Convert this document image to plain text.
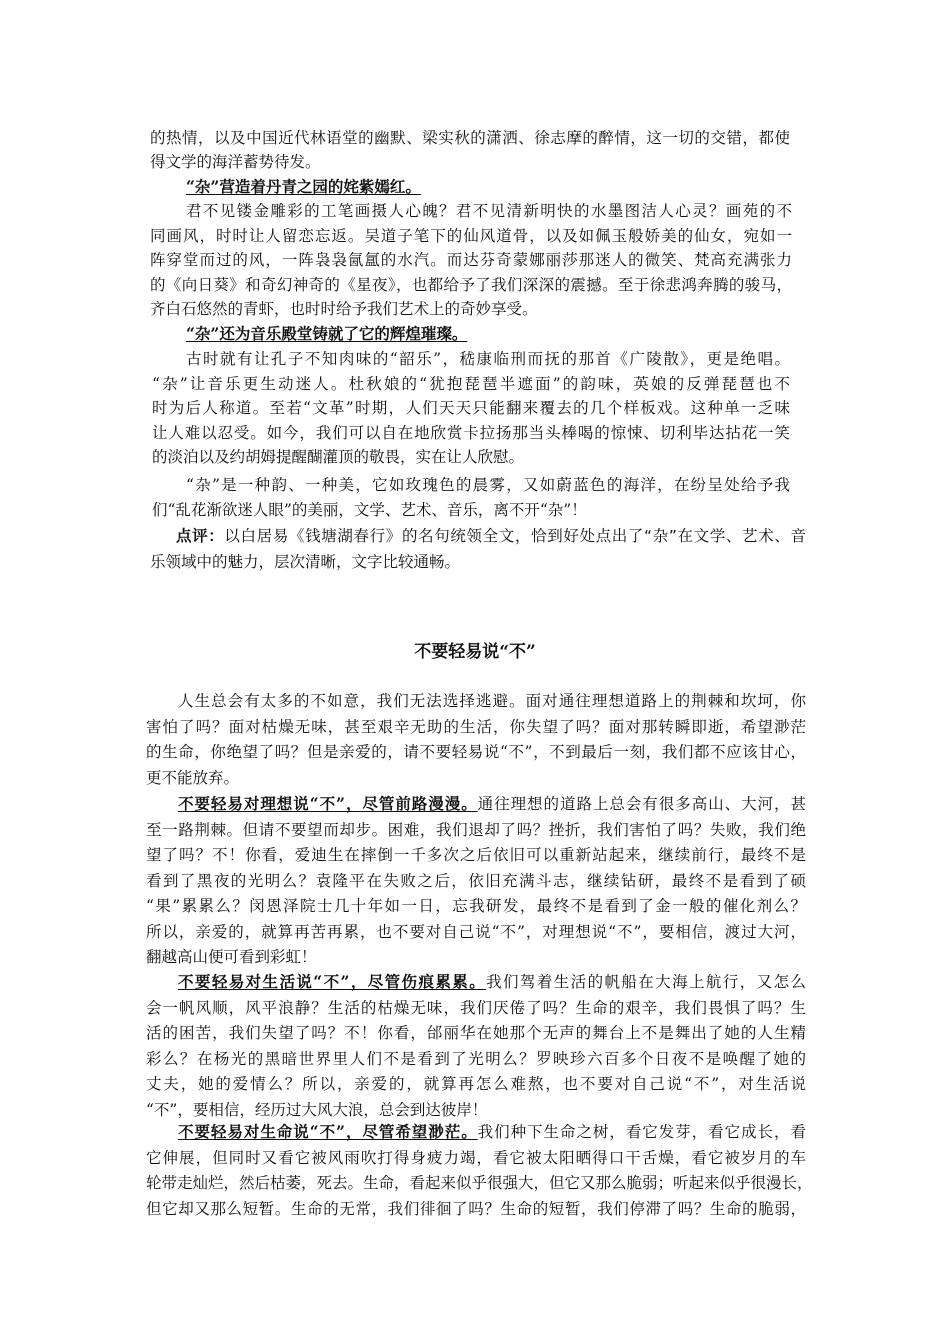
的热情，以及中国近代林语堂的幽默、梁实秋的潇洒、徐志摩的醉情，这一切的交错，都使
得文学的海洋蓄势待发。

“杂”营造着丹青之园的姹紫嫣红。

君不见镂金雕彩的工笔画摄人心魄？君不见清新明快的水墨图洁人心灵？画苑的不
同画风，时时让人留恋忘返。吴道子笔下的仙风道骨，以及如佩玉般娇美的仙女，宛如一
阵穿堂而过的风，一阵袅袅氤氲的水汽。而达芬奇蒙娜丽莎那迷人的微笑、梵高充满张力
的《向日葵》和奇幻神奇的《星夜》，也都给予了我们深深的震撼。至于徐悲鸿奔腾的骏马，
齐白石悠然的青虾，也时时给予我们艺术上的奇妙享受。

“杂”还为音乐殿堂铸就了它的辉煌璀璨。

古时就有让孔子不知肉味的“韶乐”，嵇康临刑而抚的那首《广陵散》，更是绝唱。
“杂”让音乐更生动迷人。杜秋娘的“犹抱琵琶半遮面”的韵味，英娘的反弹琵琶也不
时为后人称道。至若“文革”时期，人们天天只能翻来覆去的几个样板戏。这种单一乏味
让人难以忍受。如今，我们可以自在地欣赏卡拉扬那当头棒喝的惊悚、切利毕达拈花一笑
的淡泊以及约胡姆提醒醐灌顶的敬畏，实在让人欣慰。
“杂”是一种韵、一种美，它如玫瑰色的晨雾，又如蔚蓝色的海洋，在纷呈处给予我
们“乱花渐欲迷人眼”的美丽，文学、艺术、音乐，离不开“杂”！
点评：以白居易《钱塘湖春行》的名句统领全文，恰到好处点出了“杂”在文学、艺术、音
乐领域中的魅力，层次清晰，文字比较通畅。

不要轻易说“不”

人生总会有太多的不如意，我们无法选择逃避。面对通往理想道路上的荆棘和坎坷，你
害怕了吗？面对枯燥无味，甚至艰辛无助的生活，你失望了吗？面对那转瞬即逝，希望渺茫
的生命，你绝望了吗？但是亲爱的，请不要轻易说“不”，不到最后一刻，我们都不应该甘心，
更不能放弃。
不要轻易对理想说“不”，尽管前路漫漫。通往理想的道路上总会有很多高山、大河，甚
至一路荆棘。但请不要望而却步。困难，我们退却了吗？挫折，我们害怕了吗？失败，我们绝
望了吗？不！你看，爱迪生在摔倒一千多次之后依旧可以重新站起来，继续前行，最终不是
看到了黑夜的光明么？袁隆平在失败之后，依旧充满斗志，继续钻研，最终不是看到了硕
“果”累累么？闵恩泽院士几十年如一日，忘我研发，最终不是看到了金一般的催化剂么？
所以，亲爱的，就算再苦再累，也不要对自己说“不”，对理想说“不”，要相信，渡过大河，
翻越高山便可看到彩虹！
不要轻易对生活说“不”，尽管伤痕累累。我们驾着生活的帆船在大海上航行，又怎么
会一帆风顺，风平浪静？生活的枯燥无味，我们厌倦了吗？生命的艰辛，我们畏惧了吗？生
活的困苦，我们失望了吗？不！你看，邰丽华在她那个无声的舞台上不是舞出了她的人生精
彩么？在杨光的黑暗世界里人们不是看到了光明么？罗映珍六百多个日夜不是唤醒了她的
丈夫，她的爱情么？所以，亲爱的，就算再怎么难熬，也不要对自己说“不”，对生活说
“不”，要相信，经历过大风大浪，总会到达彼岸！
不要轻易对生命说“不”，尽管希望渺茫。我们种下生命之树，看它发芽，看它成长，看
它伸展，但同时又看它被风雨吹打得身疲力竭，看它被太阳晒得口干舌燥，看它被岁月的车
轮带走灿烂，然后枯萎，死去。生命，看起来似乎很强大，但它又那么脆弱；听起来似乎很漫长，
但它却又那么短暂。生命的无常，我们徘徊了吗？生命的短暂，我们停滞了吗？生命的脆弱，
